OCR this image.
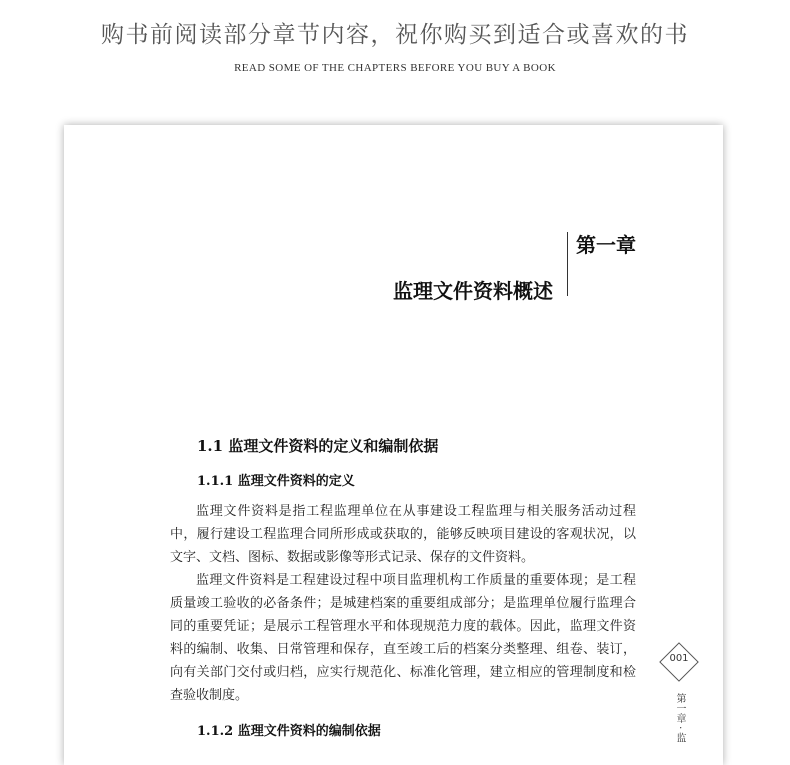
购书前阅读部分章节内容，祝你购买到适合或喜欢的书
READ SOME OF THE CHAPTERS BEFORE YOU BUY A BOOK
第一章
监理文件资料概述
1.1 监理文件资料的定义和编制依据
1.1.1 监理文件资料的定义

监理文件资料是指工程监理单位在从事建设工程监理与相关服务活动过程中，履行建设工程监理合同所形成或获取的，能够反映项目建设的客观状况，以文字、文档、图标、数据或影像等形式记录、保存的文件资料。

监理文件资料是工程建设过程中项目监理机构工作质量的重要体现；是工程质量竣工验收的必备条件；是城建档案的重要组成部分；是监理单位履行监理合同的重要凭证；是展示工程管理水平和体现规范力度的载体。因此，监理文件资料的编制、收集、日常管理和保存，直至竣工后的档案分类整理、组卷、装订，向有关部门交付或归档，应实行规范化、标准化管理，建立相应的管理制度和检查验收制度。

1.1.2 监理文件资料的编制依据
001
第一章 · 监
